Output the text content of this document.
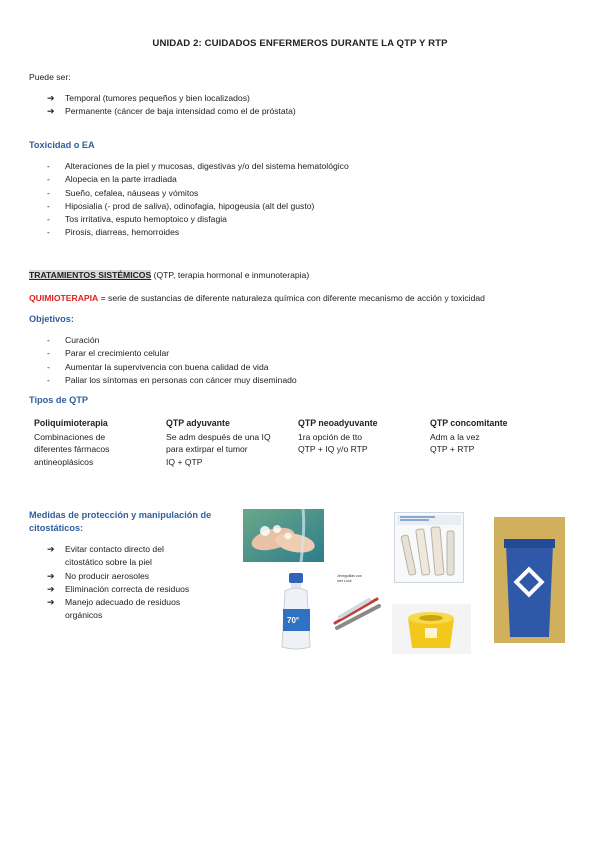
UNIDAD 2: CUIDADOS ENFERMEROS DURANTE LA QTP Y RTP
Puede ser:
➔ Temporal (tumores pequeños y bien localizados)
➔ Permanente (cáncer de baja intensidad como el de próstata)
Toxicidad o EA
- Alteraciones de la piel y mucosas, digestivas y/o del sistema hematológico
- Alopecia en la parte irradiada
- Sueño, cefalea, náuseas y vómitos
- Hiposialia (- prod de saliva), odinofagia, hipogeusia (alt del gusto)
- Tos irritativa, esputo hemoptoico y disfagia
- Pirosis, diarreas, hemorroides
TRATAMIENTOS SISTÉMICOS (QTP, terapia hormonal e inmunoterapia)
QUIMIOTERAPIA = serie de sustancias de diferente naturaleza química con diferente mecanismo de acción y toxicidad
Objetivos:
- Curación
- Parar el crecimiento celular
- Aumentar la supervivencia con buena calidad de vida
- Paliar los síntomas en personas con cáncer muy diseminado
Tipos de QTP
Poliquimioterapia
Combinaciones de
diferentes fármacos
antineoplásicos
QTP adyuvante
Se adm después de una IQ
para extirpar el tumor
IQ + QTP
QTP neoadyuvante
1ra opción de tto
QTP + IQ y/o RTP
QTP concomitante
Adm a la vez
QTP + RTP
Medidas de protección y manipulación de
citostáticos:
➔ Evitar contacto directo del
citostático sobre la piel
➔ No producir aerosoles
➔ Eliminación correcta de residuos
➔ Manejo adecuado de residuos
orgánicos
70°
Jeringuillas con
luer Lock
